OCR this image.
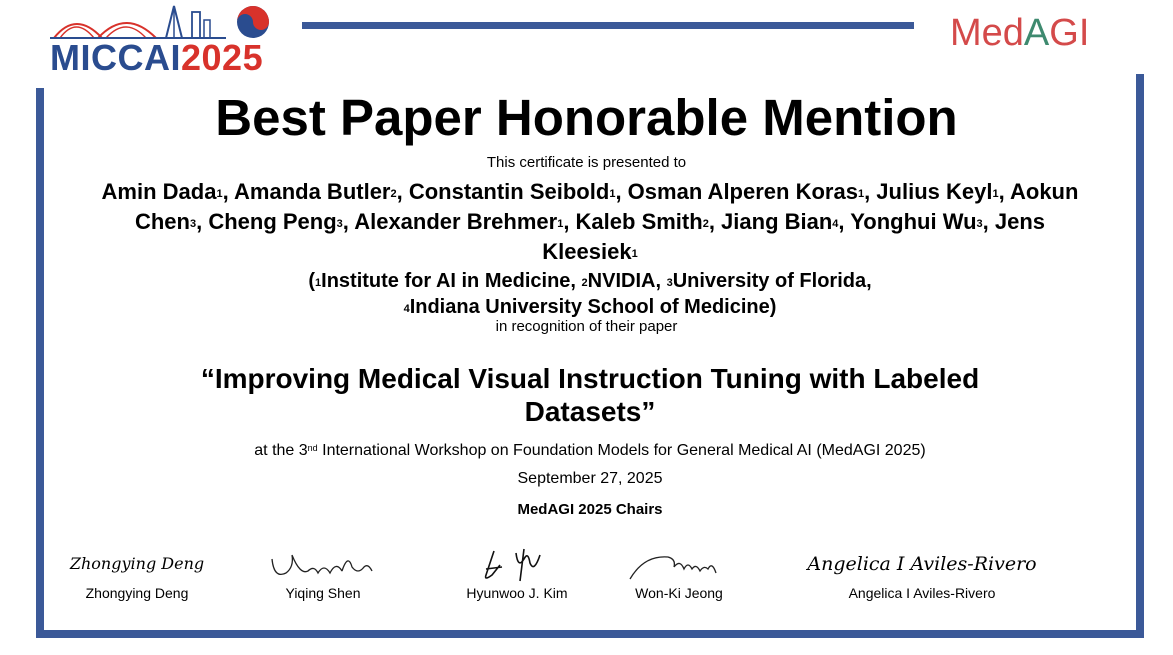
MICCAI2025
MedAGI
Best Paper Honorable Mention
This certificate is presented to
Amin Dada$^1$, Amanda Butler$^2$, Constantin Seibold$^1$, Osman Alperen Koras$^1$, Julius Keyl$^1$, Aokun Chen$^3$, Cheng Peng$^3$, Alexander Brehmer$^1$, Kaleb Smith$^2$, Jiang Bian$^4$, Yonghui Wu$^3$, Jens Kleesiek$^1$
($^1$Institute for AI in Medicine, $^2$NVIDIA, $^3$University of Florida,
$^4$Indiana University School of Medicine)
in recognition of their paper
“Improving Medical Visual Instruction Tuning with Labeled Datasets”
at the 3nd International Workshop on Foundation Models for General Medical AI (MedAGI 2025)
September 27, 2025
MedAGI 2025 Chairs
Zhongying Deng
Zhongying Deng	Yiqing Shen	Hyunwoo J. Kim	Won-Ki Jeong
Angelica I Aviles-Rivero
Angelica I Aviles-Rivero
